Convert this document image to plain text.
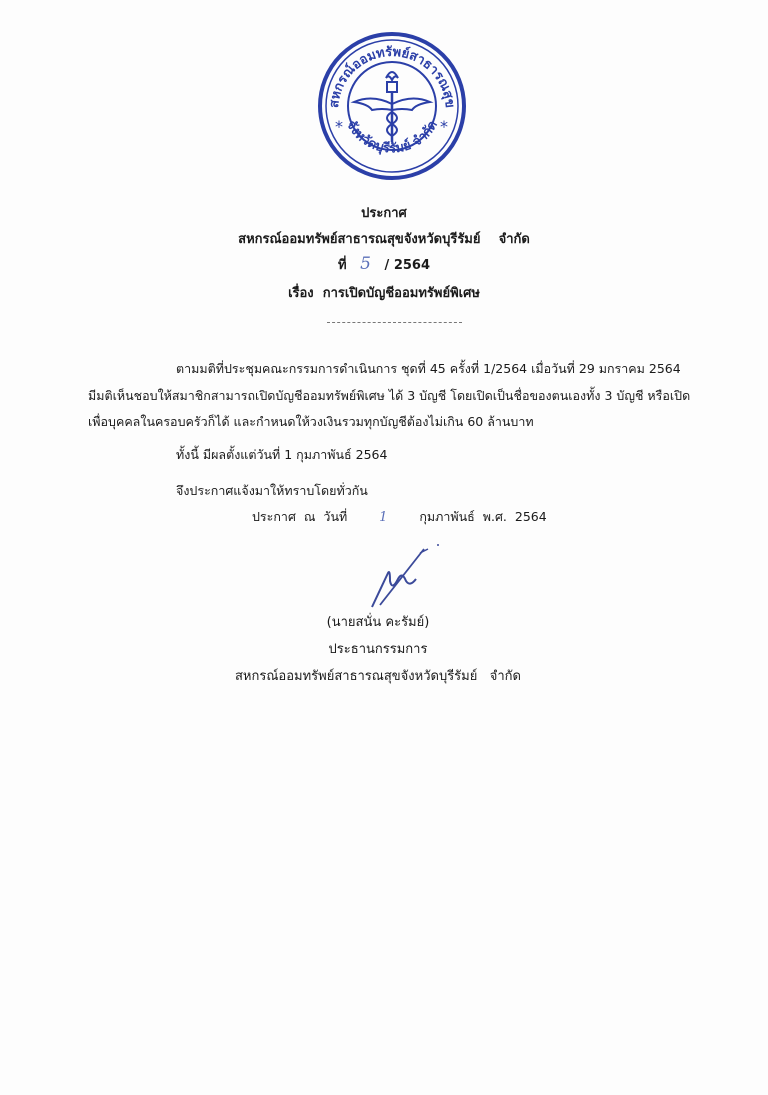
สหกรณ์ออมทรัพย์สาธารณสุข
จังหวัดบุรีรัมย์ จำกัด
*	*
ประกาศ
สหกรณ์ออมทรัพย์สาธารณสุขจังหวัดบุรีรัมย์ จำกัด
ที่ 5 / 2564
เรื่อง การเปิดบัญชีออมทรัพย์พิเศษ
ตามมติที่ประชุมคณะกรรมการดำเนินการ ชุดที่ 45 ครั้งที่ 1/2564 เมื่อวันที่ 29 มกราคม 2564
มีมติเห็นชอบให้สมาชิกสามารถเปิดบัญชีออมทรัพย์พิเศษ ได้ 3 บัญชี โดยเปิดเป็นชื่อของตนเองทั้ง 3 บัญชี หรือเปิด
เพื่อบุคคลในครอบครัวก็ได้ และกำหนดให้วงเงินรวมทุกบัญชีต้องไม่เกิน 60 ล้านบาท
ทั้งนี้ มีผลตั้งแต่วันที่ 1 กุมภาพันธ์ 2564
จึงประกาศแจ้งมาให้ทราบโดยทั่วกัน
ประกาศ ณ วันที่ 1	กุมภาพันธ์ พ.ศ. 2564
(นายสนั่น คะรัมย์)
ประธานกรรมการ
สหกรณ์ออมทรัพย์สาธารณสุขจังหวัดบุรีรัมย์   จำกัด
